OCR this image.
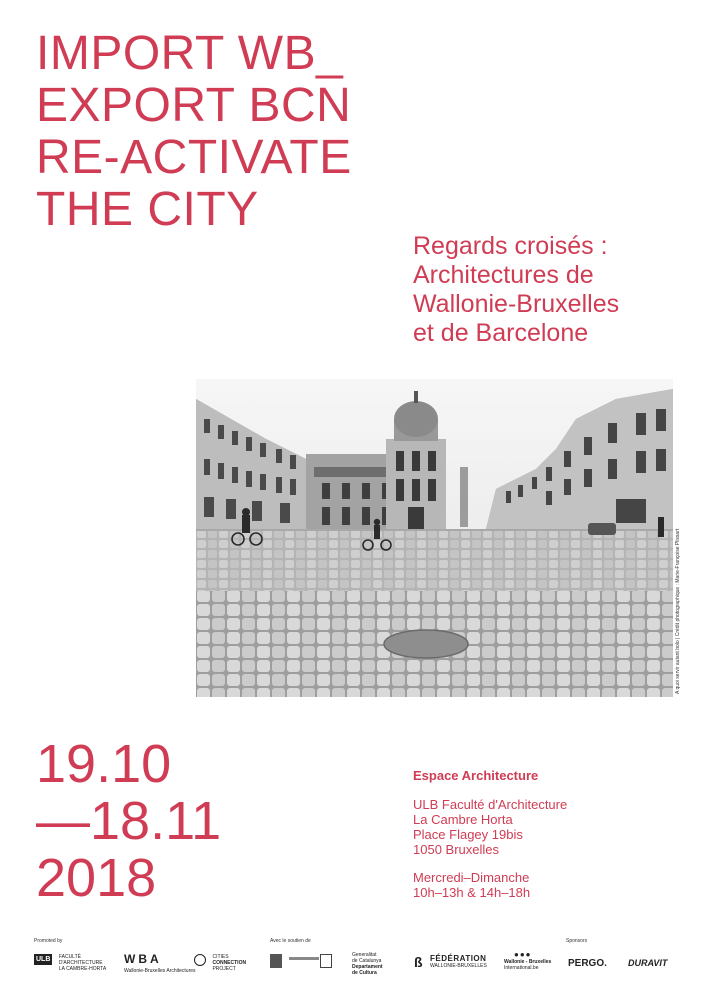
IMPORT WB_
EXPORT BCN
RE-ACTIVATE
THE CITY
Regards croisés :
Architectures de
Wallonie-Bruxelles
et de Barcelone
A quoi servir autant bolo | Crédit photographique : Marie-Françoise Plissart
19.10
—18.11
2018
Espace Architecture
ULB Faculté d'Architecture
La Cambre Horta
Place Flagey 19bis
1050 Bruxelles
Mercredi–Dimanche
10h–13h & 14h–18h
Promoted by	Avec le soutien de	Sponsors
ULB FACULTÉ
D'ARCHITECTURE
LA CAMBRE-HORTA
WBA
Wallonie-Bruxelles Architectures

CITIES
CONNECTION
PROJECT

Generalitat
de Catalunya
Departament
de Cultura
ß FÉDÉRATION
WALLONIE-BRUXELLES
●●●
Wallonie - Bruxelles
International.be	PERGO. DURAVIT
